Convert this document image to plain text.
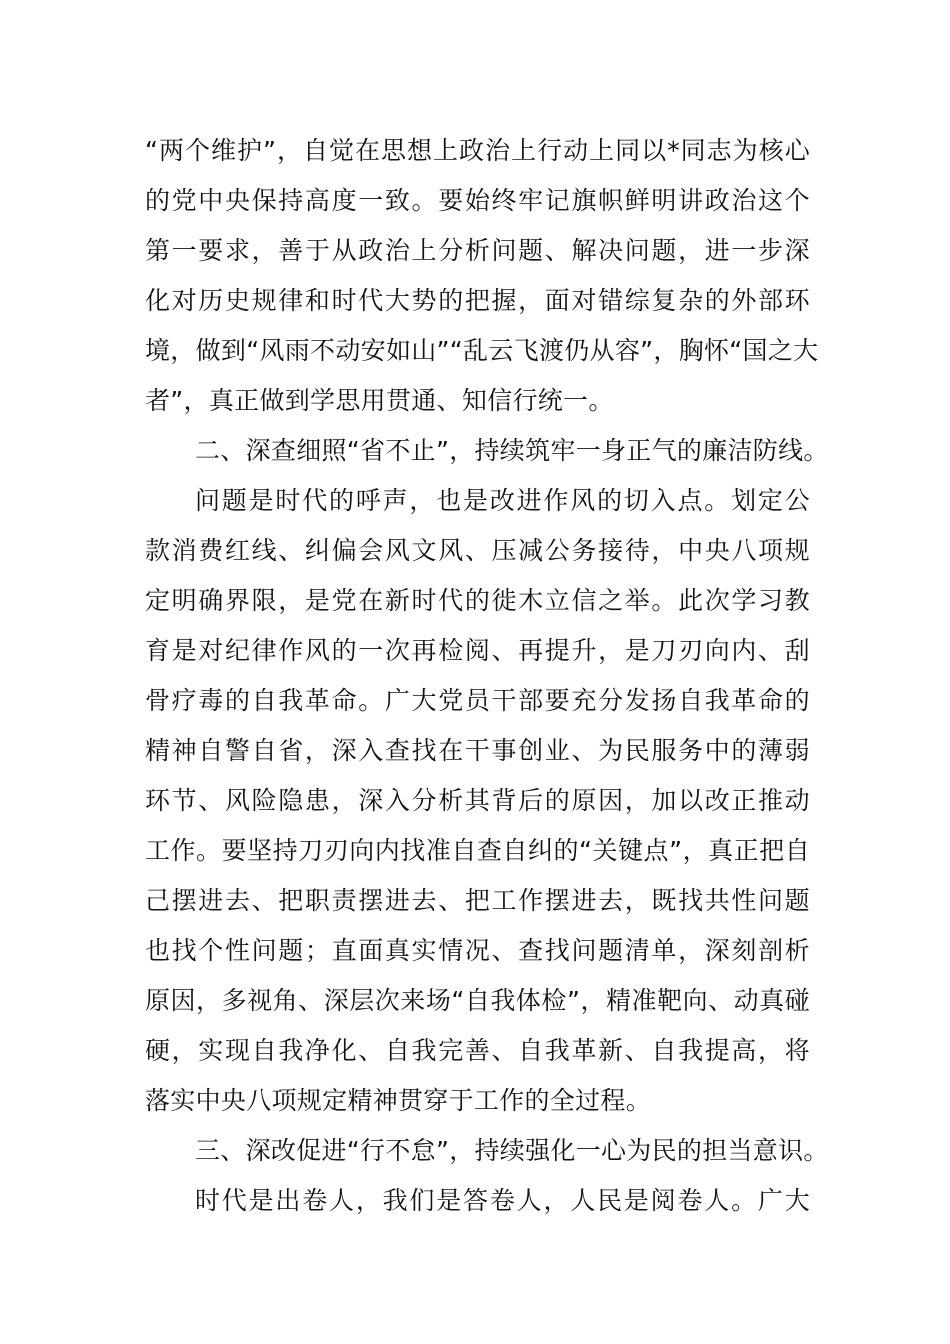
“两个维护”，自觉在思想上政治上行动上同以*同志为核心
的党中央保持高度一致。要始终牢记旗帜鲜明讲政治这个
第一要求，善于从政治上分析问题、解决问题，进一步深
化对历史规律和时代大势的把握，面对错综复杂的外部环
境，做到“风雨不动安如山”“乱云飞渡仍从容”，胸怀“国之大
者”，真正做到学思用贯通、知信行统一。
二、深查细照“省不止”，持续筑牢一身正气的廉洁防线。
问题是时代的呼声，也是改进作风的切入点。划定公
款消费红线、纠偏会风文风、压减公务接待，中央八项规
定明确界限，是党在新时代的徙木立信之举。此次学习教
育是对纪律作风的一次再检阅、再提升，是刀刃向内、刮
骨疗毒的自我革命。广大党员干部要充分发扬自我革命的
精神自警自省，深入查找在干事创业、为民服务中的薄弱
环节、风险隐患，深入分析其背后的原因，加以改正推动
工作。要坚持刀刃向内找准自查自纠的“关键点”，真正把自
己摆进去、把职责摆进去、把工作摆进去，既找共性问题
也找个性问题；直面真实情况、查找问题清单，深刻剖析
原因，多视角、深层次来场“自我体检”，精准靶向、动真碰
硬，实现自我净化、自我完善、自我革新、自我提高，将
落实中央八项规定精神贯穿于工作的全过程。
三、深改促进“行不怠”，持续强化一心为民的担当意识。
时代是出卷人，我们是答卷人，人民是阅卷人。广大
